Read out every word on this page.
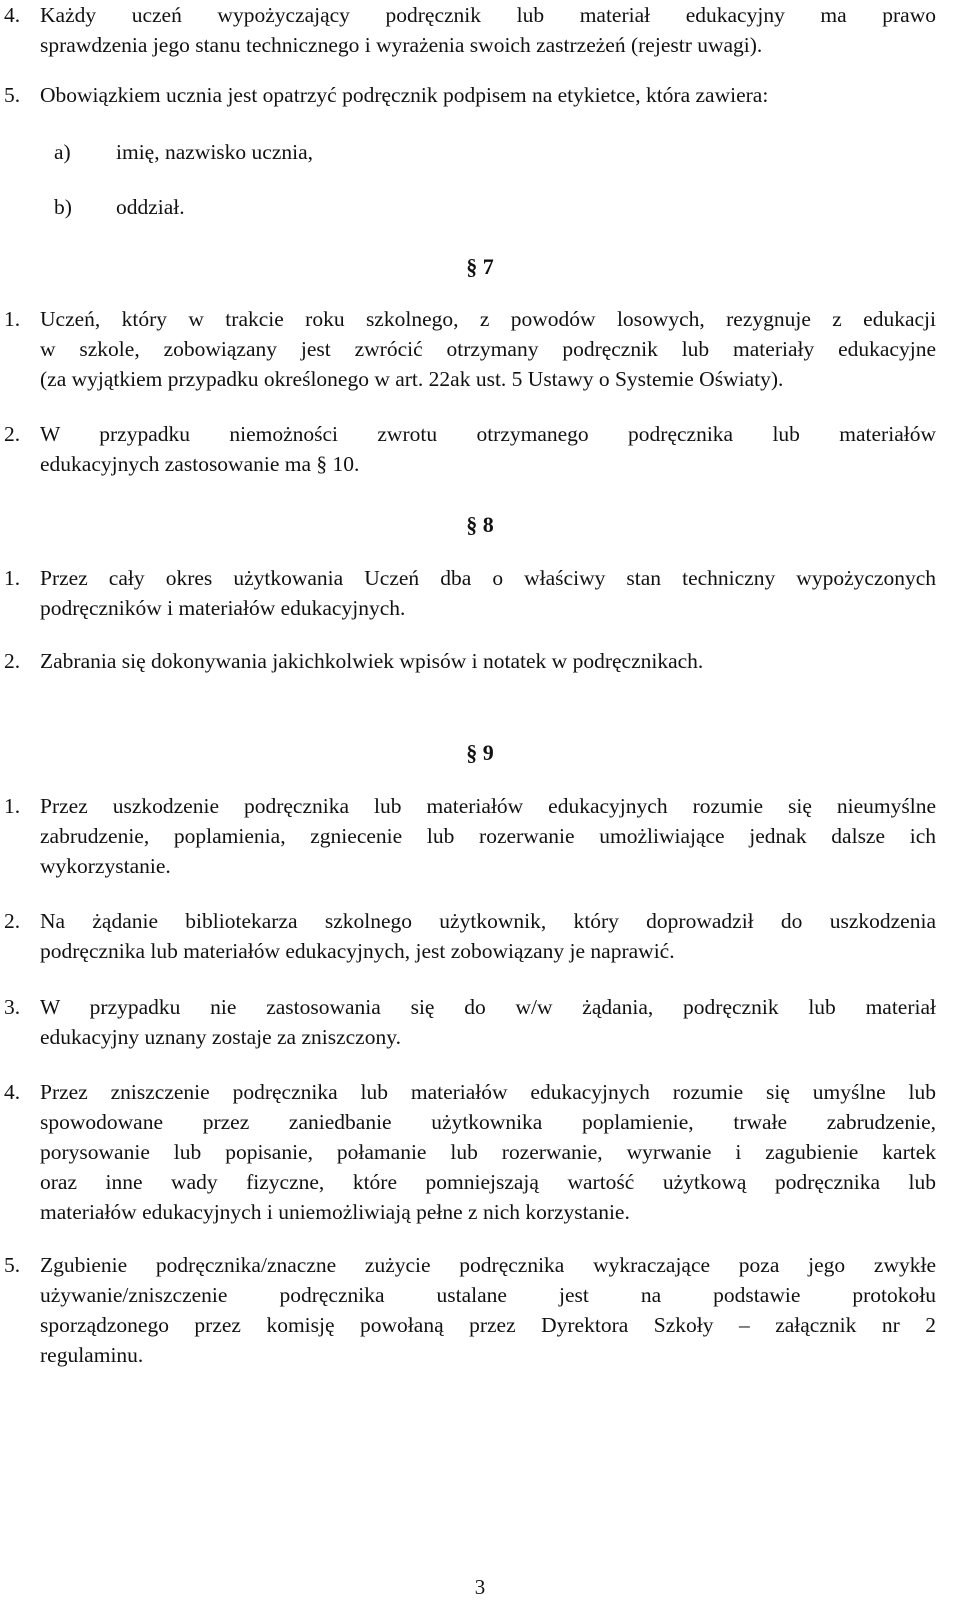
4. Każdy uczeń wypożyczający podręcznik lub materiał edukacyjny ma prawo
sprawdzenia jego stanu technicznego i wyrażenia swoich zastrzeżeń (rejestr uwagi).
5. Obowiązkiem ucznia jest opatrzyć podręcznik podpisem na etykietce, która zawiera:
a)	imię, nazwisko ucznia,
b)	oddział.
§ 7
1. Uczeń, który w trakcie roku szkolnego, z powodów losowych, rezygnuje z edukacji
w szkole, zobowiązany jest zwrócić otrzymany podręcznik lub materiały edukacyjne
(za wyjątkiem przypadku określonego w art. 22ak ust. 5 Ustawy o Systemie Oświaty).
2. W przypadku niemożności zwrotu otrzymanego podręcznika lub materiałów
edukacyjnych zastosowanie ma § 10.
§ 8
1. Przez cały okres użytkowania Uczeń dba o właściwy stan techniczny wypożyczonych
podręczników i materiałów edukacyjnych.
2. Zabrania się dokonywania jakichkolwiek wpisów i notatek w podręcznikach.
§ 9
1. Przez uszkodzenie podręcznika lub materiałów edukacyjnych rozumie się nieumyślne
zabrudzenie, poplamienia, zgniecenie lub rozerwanie umożliwiające jednak dalsze ich
wykorzystanie.
2. Na żądanie bibliotekarza szkolnego użytkownik, który doprowadził do uszkodzenia
podręcznika lub materiałów edukacyjnych, jest zobowiązany je naprawić.
3. W przypadku nie zastosowania się do w/w żądania, podręcznik lub materiał
edukacyjny uznany zostaje za zniszczony.
4. Przez zniszczenie podręcznika lub materiałów edukacyjnych rozumie się umyślne lub
spowodowane przez zaniedbanie użytkownika poplamienie, trwałe zabrudzenie,
porysowanie lub popisanie, połamanie lub rozerwanie, wyrwanie i zagubienie kartek
oraz inne wady fizyczne, które pomniejszają wartość użytkową podręcznika lub
materiałów edukacyjnych i uniemożliwiają pełne z nich korzystanie.
5. Zgubienie podręcznika/znaczne zużycie podręcznika wykraczające poza jego zwykłe
używanie/zniszczenie podręcznika ustalane jest na podstawie protokołu
sporządzonego przez komisję powołaną przez Dyrektora Szkoły – załącznik nr 2
regulaminu.
3
